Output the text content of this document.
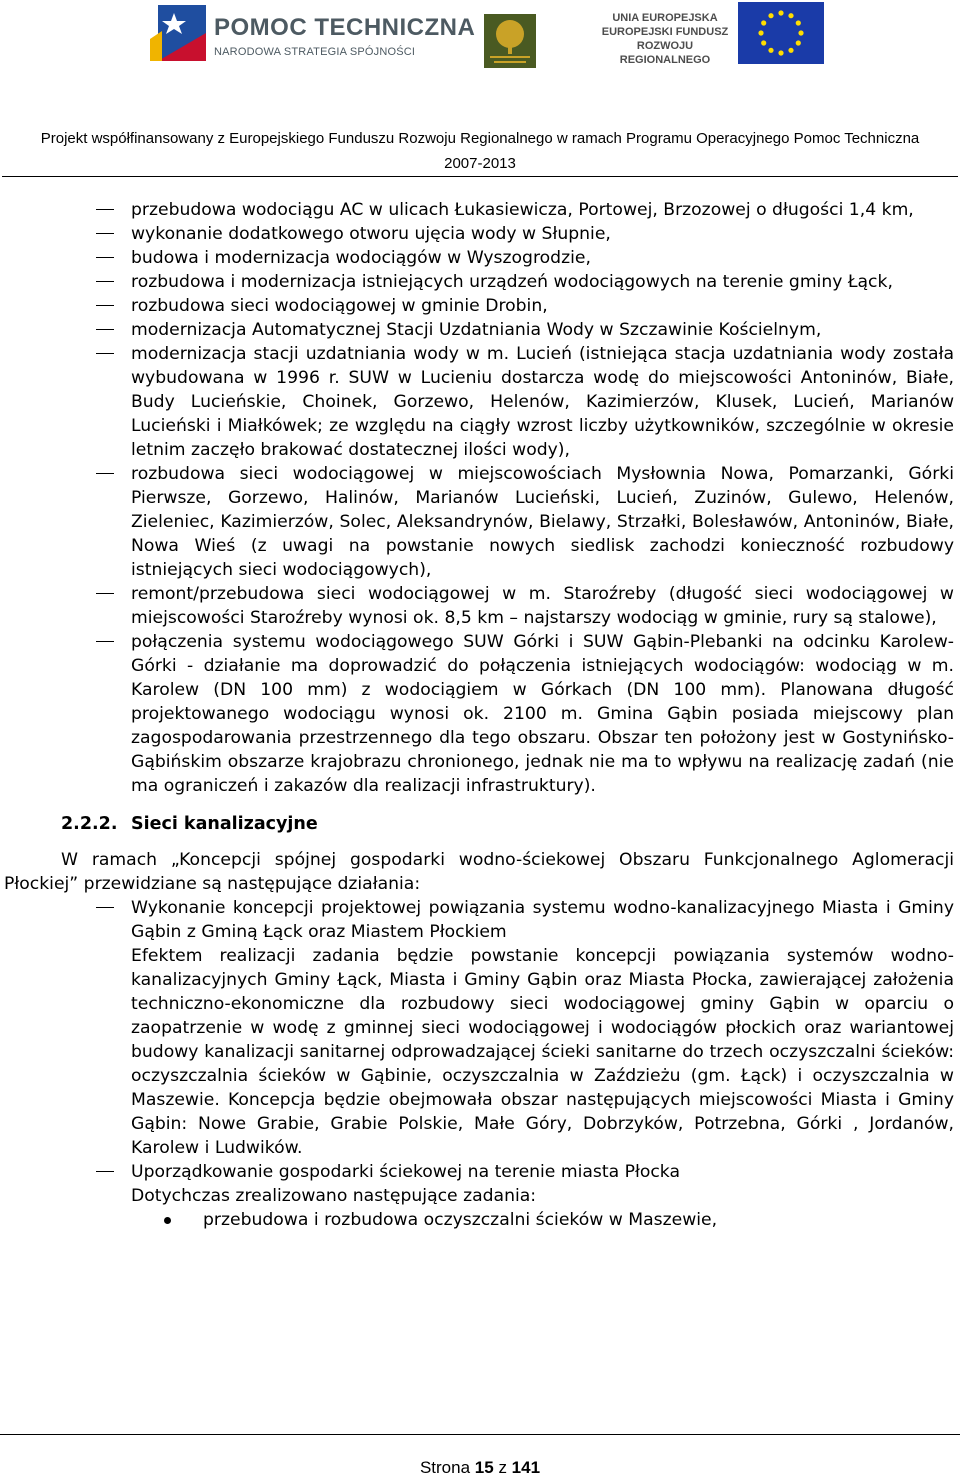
POMOC TECHNICZNA
NARODOWA STRATEGIA SPÓJNOŚCI
UNIA EUROPEJSKA
EUROPEJSKI FUNDUSZ
ROZWOJU REGIONALNEGO
Projekt współfinansowany z Europejskiego Funduszu Rozwoju Regionalnego w ramach Programu Operacyjnego Pomoc Techniczna
2007-2013
przebudowa wodociągu AC w ulicach Łukasiewicza, Portowej, Brzozowej o długości 1,4 km,
wykonanie dodatkowego otworu ujęcia wody w Słupnie,
budowa i modernizacja wodociągów w Wyszogrodzie,
rozbudowa i modernizacja istniejących urządzeń wodociągowych na terenie gminy Łąck,
rozbudowa sieci wodociągowej w gminie Drobin,
modernizacja Automatycznej Stacji Uzdatniania Wody w Szczawinie Kościelnym,
modernizacja stacji uzdatniania wody w m. Lucień (istniejąca stacja uzdatniania wody została wybudowana w 1996 r. SUW w Lucieniu dostarcza wodę do miejscowości Antoninów, Białe, Budy Lucieńskie, Choinek, Gorzewo, Helenów, Kazimierzów, Klusek, Lucień, Marianów Lucieński i Miałkówek; ze względu na ciągły wzrost liczby użytkowników, szczególnie w okresie letnim zaczęło brakować dostatecznej ilości wody),
rozbudowa sieci wodociągowej w miejscowościach Mysłownia Nowa, Pomarzanki, Górki Pierwsze, Gorzewo, Halinów, Marianów Lucieński, Lucień, Zuzinów, Gulewo, Helenów, Zieleniec, Kazimierzów, Solec, Aleksandrynów, Bielawy, Strzałki, Bolesławów, Antoninów, Białe, Nowa Wieś (z uwagi na powstanie nowych siedlisk zachodzi konieczność rozbudowy istniejących sieci wodociągowych),
remont/przebudowa sieci wodociągowej w m. Staroźreby (długość sieci wodociągowej w miejscowości Staroźreby wynosi ok. 8,5 km – najstarszy wodociąg w gminie, rury są stalowe),
połączenia systemu wodociągowego SUW Górki i SUW Gąbin-Plebanki na odcinku Karolew-Górki - działanie ma doprowadzić do połączenia istniejących wodociągów: wodociąg w m. Karolew (DN 100 mm) z wodociągiem w Górkach (DN 100 mm). Planowana długość projektowanego wodociągu wynosi ok. 2100 m. Gmina Gąbin posiada miejscowy plan zagospodarowania przestrzennego dla tego obszaru. Obszar ten położony jest w Gostynińsko-Gąbińskim obszarze krajobrazu chronionego, jednak nie ma to wpływu na realizację zadań (nie ma ograniczeń i zakazów dla realizacji infrastruktury).
2.2.2. Sieci kanalizacyjne

W ramach „Koncepcji spójnej gospodarki wodno-ściekowej Obszaru Funkcjonalnego Aglomeracji Płockiej” przewidziane są następujące działania:

Wykonanie koncepcji projektowej powiązania systemu wodno-kanalizacyjnego Miasta i Gminy Gąbin z Gminą Łąck oraz Miastem Płockiem

Efektem realizacji zadania będzie powstanie koncepcji powiązania systemów wodno-kanalizacyjnych Gminy Łąck, Miasta i Gminy Gąbin oraz Miasta Płocka, zawierającej założenia techniczno-ekonomiczne dla rozbudowy sieci wodociągowej gminy Gąbin w oparciu o zaopatrzenie w wodę z gminnej sieci wodociągowej i wodociągów płockich oraz wariantowej budowy kanalizacji sanitarnej odprowadzającej ścieki sanitarne do trzech oczyszczalni ścieków: oczyszczalnia ścieków w Gąbinie, oczyszczalnia w Zaździeżu (gm. Łąck) i oczyszczalnia w Maszewie. Koncepcja będzie obejmowała obszar następujących miejscowości Miasta i Gminy Gąbin: Nowe Grabie, Grabie Polskie, Małe Góry, Dobrzyków, Potrzebna, Górki , Jordanów, Karolew i Ludwików.

Uporządkowanie gospodarki ściekowej na terenie miasta Płocka

Dotychczas zrealizowano następujące zadania:

przebudowa i rozbudowa oczyszczalni ścieków w Maszewie,
Strona 15 z 141
